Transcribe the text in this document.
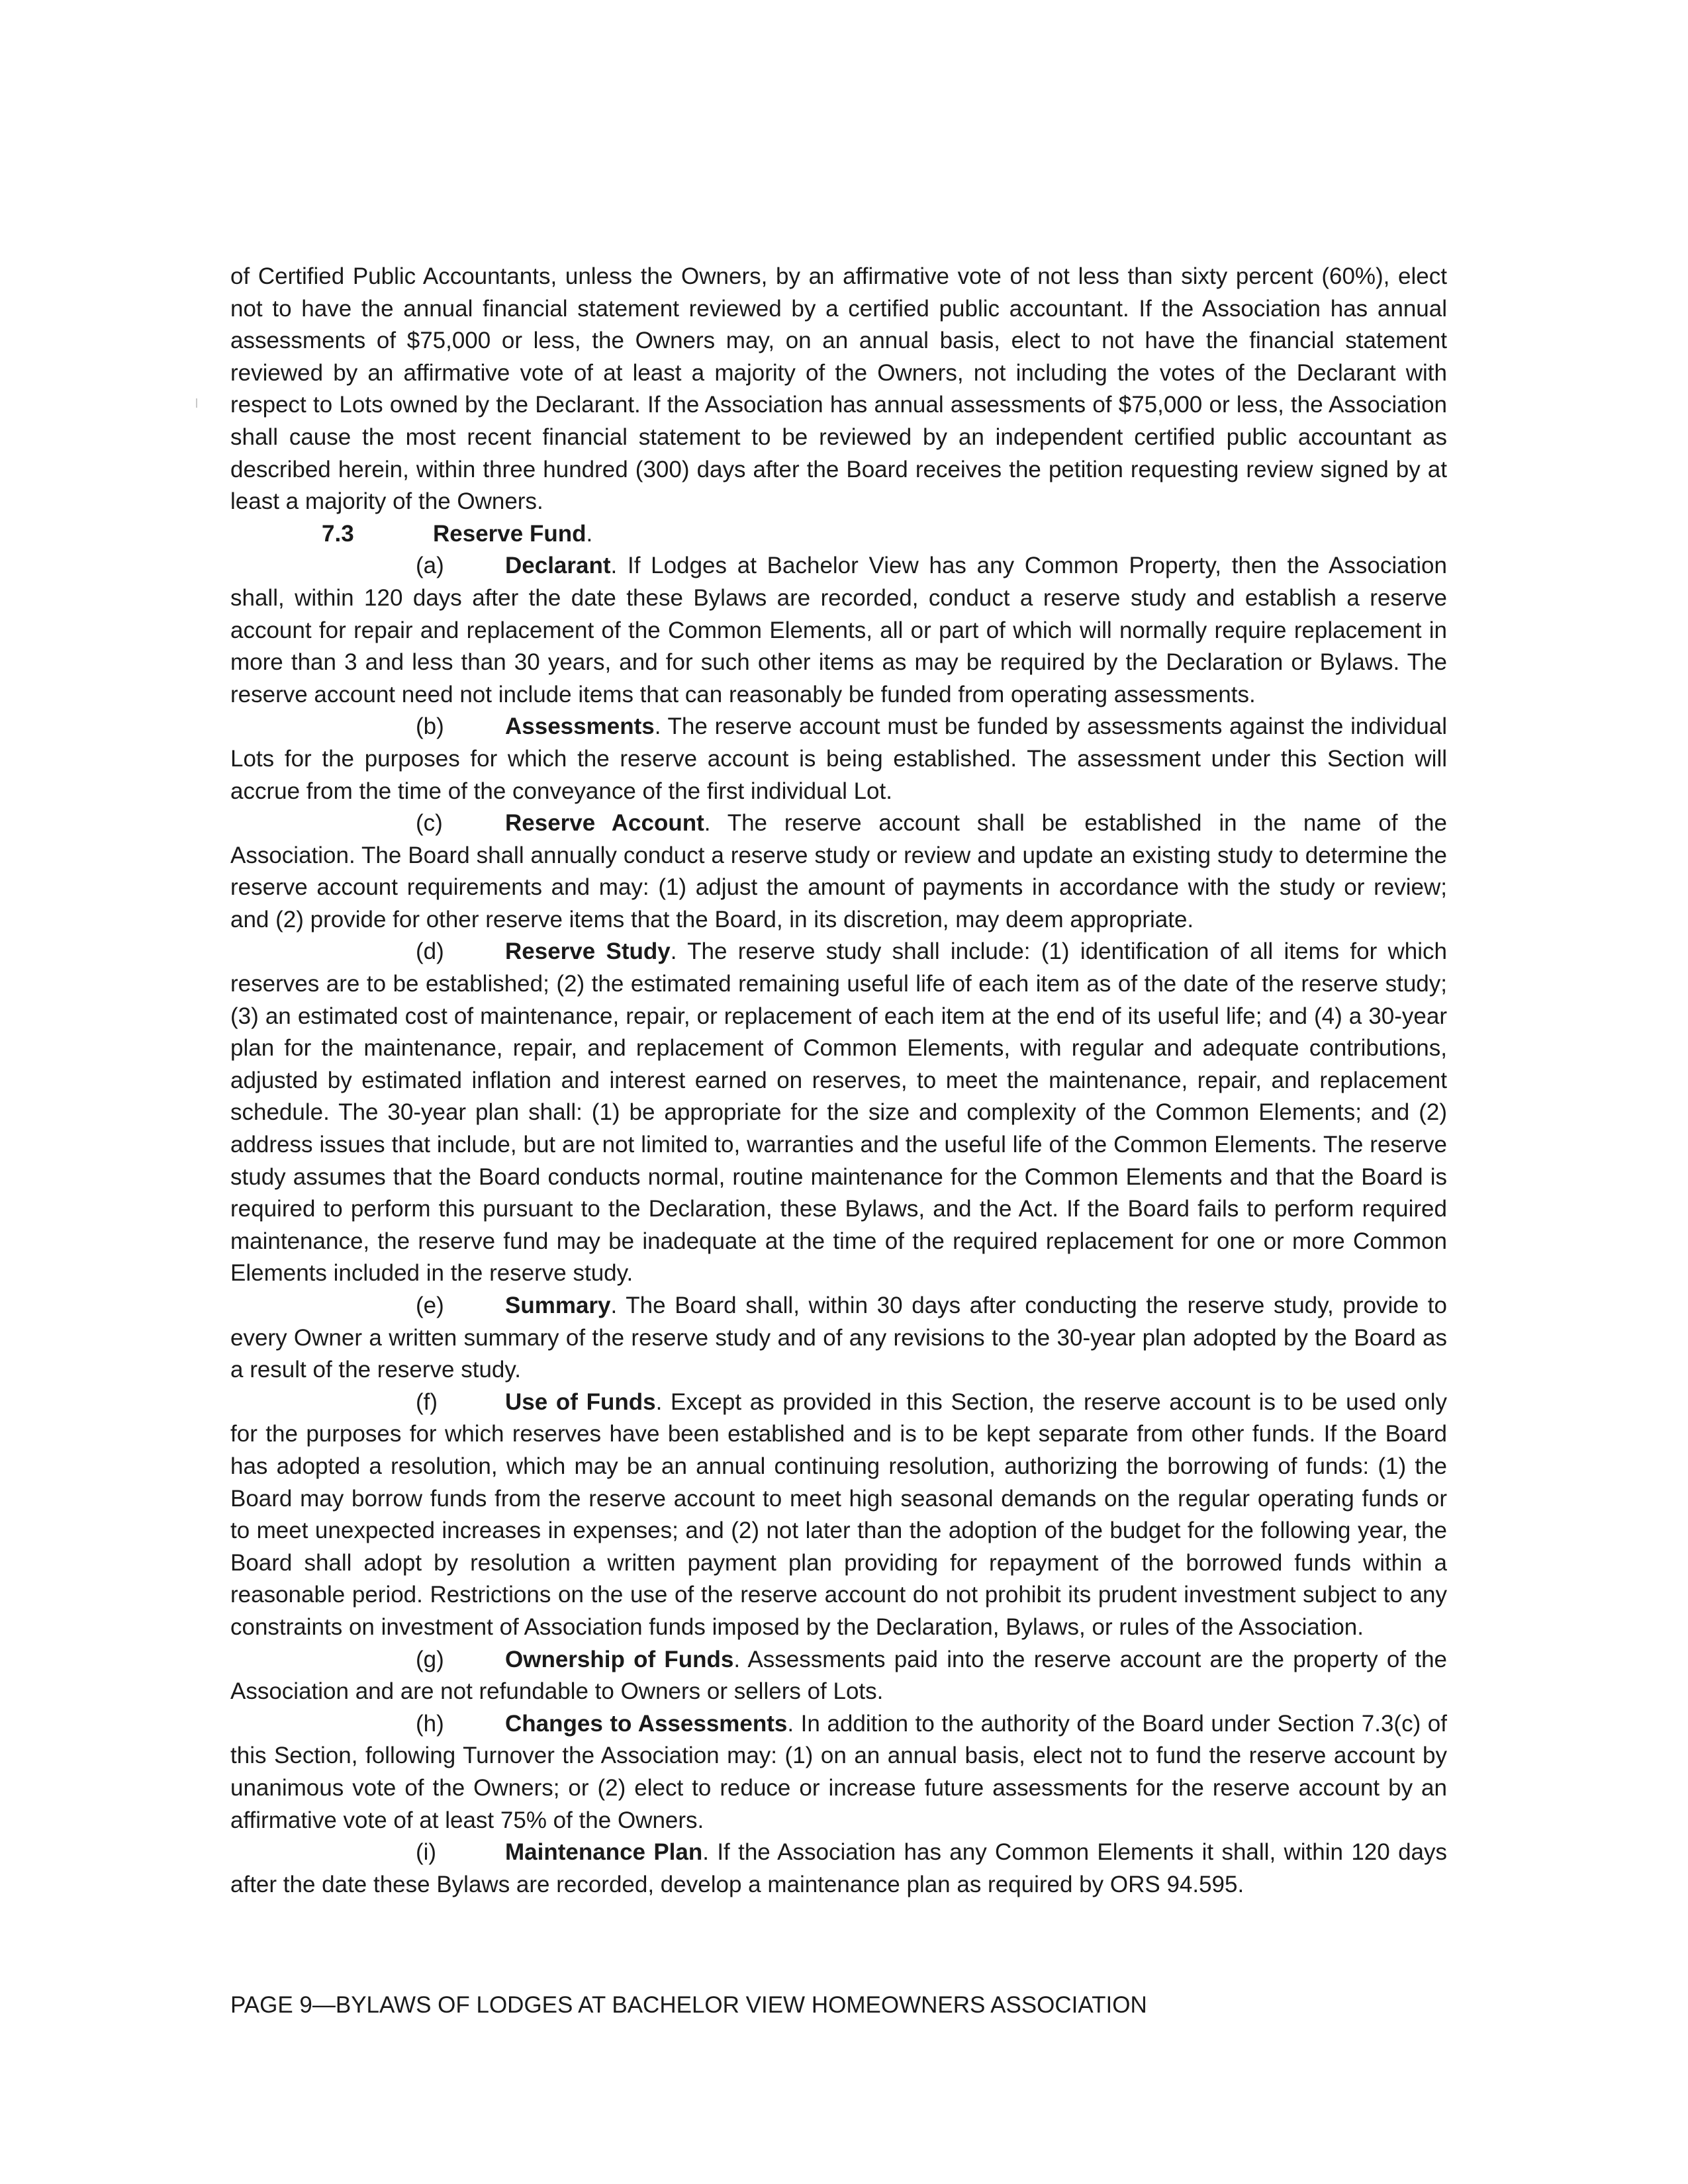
of Certified Public Accountants, unless the Owners, by an affirmative vote of not less than sixty percent (60%), elect not to have the annual financial statement reviewed by a certified public accountant. If the Association has annual assessments of $75,000 or less, the Owners may, on an annual basis, elect to not have the financial statement reviewed by an affirmative vote of at least a majority of the Owners, not including the votes of the Declarant with respect to Lots owned by the Declarant. If the Association has annual assessments of $75,000 or less, the Association shall cause the most recent financial statement to be reviewed by an independent certified public accountant as described herein, within three hundred (300) days after the Board receives the petition requesting review signed by at least a majority of the Owners.

7.3	Reserve Fund.

(a)	Declarant. If Lodges at Bachelor View has any Common Property, then the Association shall, within 120 days after the date these Bylaws are recorded, conduct a reserve study and establish a reserve account for repair and replacement of the Common Elements, all or part of which will normally require replacement in more than 3 and less than 30 years, and for such other items as may be required by the Declaration or Bylaws. The reserve account need not include items that can reasonably be funded from operating assessments.

(b)	Assessments. The reserve account must be funded by assessments against the individual Lots for the purposes for which the reserve account is being established. The assessment under this Section will accrue from the time of the conveyance of the first individual Lot.

(c)	Reserve Account. The reserve account shall be established in the name of the Association. The Board shall annually conduct a reserve study or review and update an existing study to determine the reserve account requirements and may: (1) adjust the amount of payments in accordance with the study or review; and (2) provide for other reserve items that the Board, in its discretion, may deem appropriate.

(d)	Reserve Study. The reserve study shall include: (1) identification of all items for which reserves are to be established; (2) the estimated remaining useful life of each item as of the date of the reserve study; (3) an estimated cost of maintenance, repair, or replacement of each item at the end of its useful life; and (4) a 30-year plan for the maintenance, repair, and replacement of Common Elements, with regular and adequate contributions, adjusted by estimated inflation and interest earned on reserves, to meet the maintenance, repair, and replacement schedule. The 30-year plan shall: (1) be appropriate for the size and complexity of the Common Elements; and (2) address issues that include, but are not limited to, warranties and the useful life of the Common Elements. The reserve study assumes that the Board conducts normal, routine maintenance for the Common Elements and that the Board is required to perform this pursuant to the Declaration, these Bylaws, and the Act. If the Board fails to perform required maintenance, the reserve fund may be inadequate at the time of the required replacement for one or more Common Elements included in the reserve study.

(e)	Summary. The Board shall, within 30 days after conducting the reserve study, provide to every Owner a written summary of the reserve study and of any revisions to the 30-year plan adopted by the Board as a result of the reserve study.

(f)	Use of Funds. Except as provided in this Section, the reserve account is to be used only for the purposes for which reserves have been established and is to be kept separate from other funds. If the Board has adopted a resolution, which may be an annual continuing resolution, authorizing the borrowing of funds: (1) the Board may borrow funds from the reserve account to meet high seasonal demands on the regular operating funds or to meet unexpected increases in expenses; and (2) not later than the adoption of the budget for the following year, the Board shall adopt by resolution a written payment plan providing for repayment of the borrowed funds within a reasonable period. Restrictions on the use of the reserve account do not prohibit its prudent investment subject to any constraints on investment of Association funds imposed by the Declaration, Bylaws, or rules of the Association.

(g)	Ownership of Funds. Assessments paid into the reserve account are the property of the Association and are not refundable to Owners or sellers of Lots.

(h)	Changes to Assessments. In addition to the authority of the Board under Section 7.3(c) of this Section, following Turnover the Association may: (1) on an annual basis, elect not to fund the reserve account by unanimous vote of the Owners; or (2) elect to reduce or increase future assessments for the reserve account by an affirmative vote of at least 75% of the Owners.

(i)	Maintenance Plan. If the Association has any Common Elements it shall, within 120 days after the date these Bylaws are recorded, develop a maintenance plan as required by ORS 94.595.

PAGE 9—BYLAWS OF LODGES AT BACHELOR VIEW HOMEOWNERS ASSOCIATION
